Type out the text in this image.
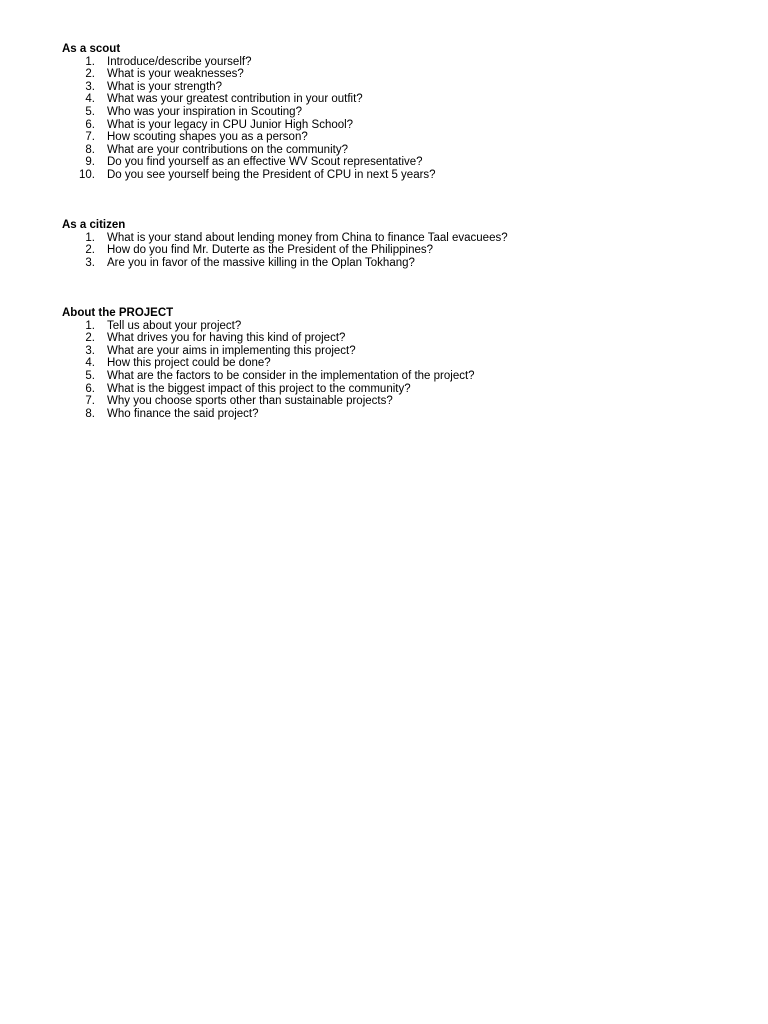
As a scout

1. Introduce/describe yourself?
2. What is your weaknesses?
3. What is your strength?
4. What was your greatest contribution in your outfit?
5. Who was your inspiration in Scouting?
6. What is your legacy in CPU Junior High School?
7. How scouting shapes you as a person?
8. What are your contributions on the community?
9. Do you find yourself as an effective WV Scout representative?
10. Do you see yourself being the President of CPU in next 5 years?

As a citizen

1. What is your stand about lending money from China to finance Taal evacuees?
2. How do you find Mr. Duterte as the President of the Philippines?
3. Are you in favor of the massive killing in the Oplan Tokhang?

About the PROJECT

1. Tell us about your project?
2. What drives you for having this kind of project?
3. What are your aims in implementing this project?
4. How this project could be done?
5. What are the factors to be consider in the implementation of the project?
6. What is the biggest impact of this project to the community?
7. Why you choose sports other than sustainable projects?
8. Who finance the said project?
